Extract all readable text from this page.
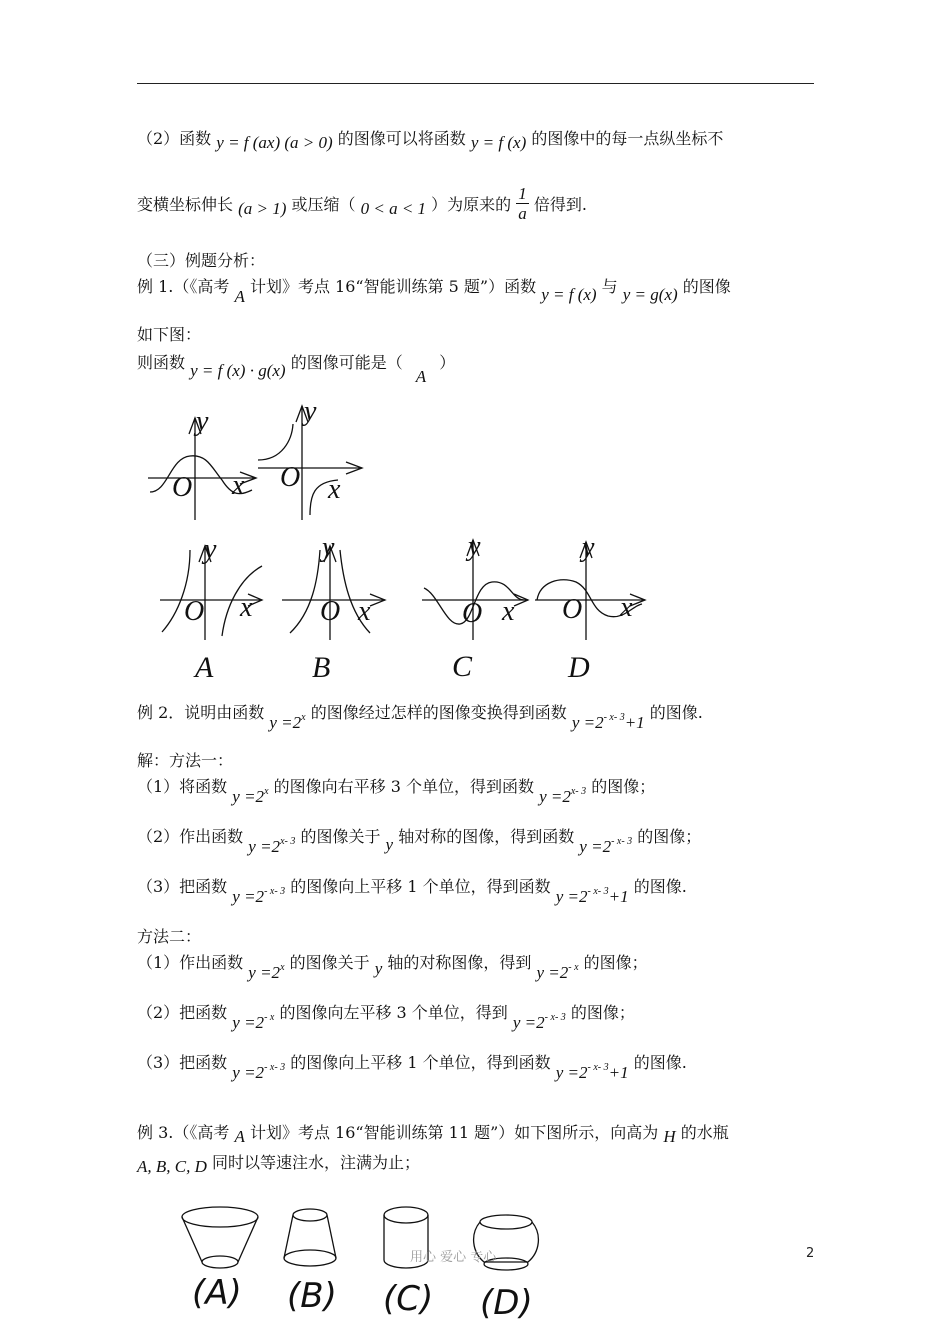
（2）函数 y = f (ax) (a > 0) 的图像可以将函数 y = f (x) 的图像中的每一点纵坐标不
变横坐标伸长 (a > 1) 或压缩（ 0 < a < 1 ）为原来的 $\frac{1}{a}$ 倍得到.
（三）例题分析：
例 1.（《高考 A 计划》考点 16“智能训练第 5 题”）函数 y = f (x) 与 y = g(x) 的图像
如下图：
则函数 y = f (x) · g(x) 的图像可能是（ A ）
y
O x
y
O x
y
O x
y
O x
y
O x
y
O x
A	B	C	D
(A) (B) (C) (D)
例 2．说明由函数 $y =2^x$ 的图像经过怎样的图像变换得到函数 $y =2^{- x- 3}+1$ 的图像.
解：方法一：
（1）将函数 $y =2^x$ 的图像向右平移 3 个单位，得到函数 $y =2^{x- 3}$ 的图像；
（2）作出函数 $y =2^{x- 3}$ 的图像关于 y 轴对称的图像，得到函数 $y =2^{- x- 3}$ 的图像；
（3）把函数 $y =2^{- x- 3}$ 的图像向上平移 1 个单位，得到函数 $y =2^{- x- 3}+1$ 的图像.
方法二：
（1）作出函数 $y =2^x$ 的图像关于 y 轴的对称图像，得到 $y =2^{- x}$ 的图像；
（2）把函数 $y =2^{- x}$ 的图像向左平移 3 个单位，得到 $y =2^{- x- 3}$ 的图像；
（3）把函数 $y =2^{- x- 3}$ 的图像向上平移 1 个单位，得到函数 $y =2^{- x- 3}+1$ 的图像.
例 3.（《高考 A 计划》考点 16“智能训练第 11 题”）如下图所示，向高为 H 的水瓶
A, B, C, D 同时以等速注水，注满为止；
用心 爱心 专心	2
